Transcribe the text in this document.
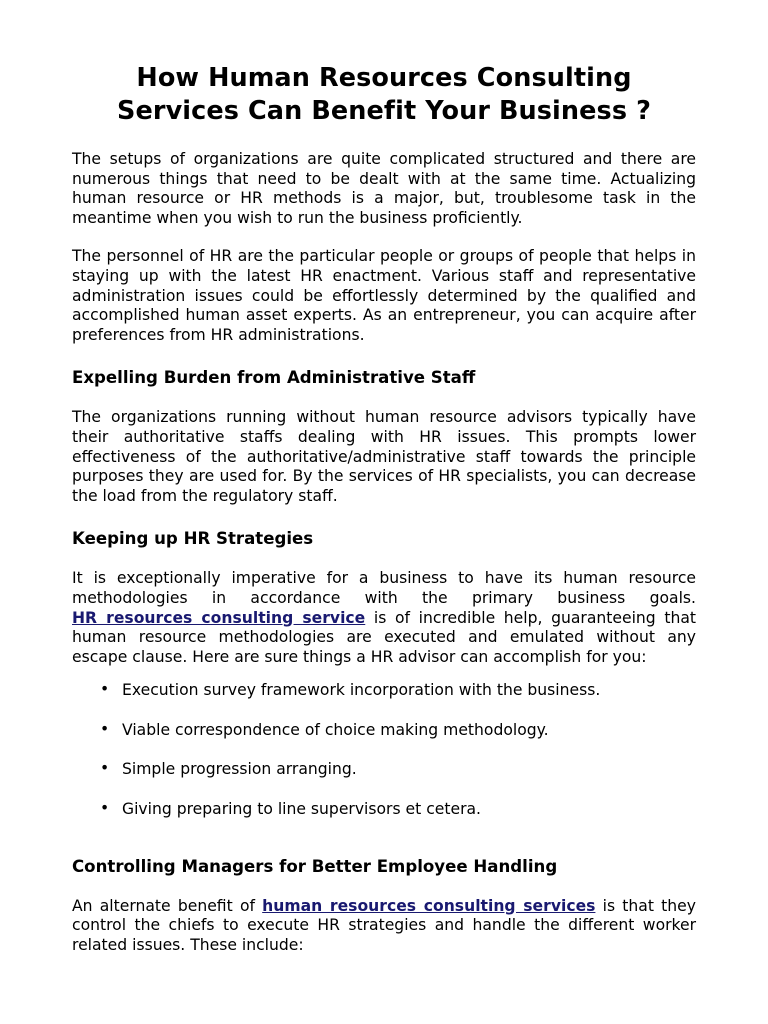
How Human Resources Consulting Services Can Benefit Your Business ?

The setups of organizations are quite complicated structured and there are numerous things that need to be dealt with at the same time. Actualizing human resource or HR methods is a major, but, troublesome task in the meantime when you wish to run the business proficiently.

The personnel of HR are the particular people or groups of people that helps in staying up with the latest HR enactment. Various staff and representative administration issues could be effortlessly determined by the qualified and accomplished human asset experts. As an entrepreneur, you can acquire after preferences from HR administrations.

Expelling Burden from Administrative Staff

The organizations running without human resource advisors typically have their authoritative staffs dealing with HR issues. This prompts lower effectiveness of the authoritative/administrative staff towards the principle purposes they are used for. By the services of HR specialists, you can decrease the load from the regulatory staff.

Keeping up HR Strategies

It is exceptionally imperative for a business to have its human resource methodologies in accordance with the primary business goals. HR resources consulting service is of incredible help, guaranteeing that human resource methodologies are executed and emulated without any escape clause. Here are sure things a HR advisor can accomplish for you:

• Execution survey framework incorporation with the business.
• Viable correspondence of choice making methodology.
• Simple progression arranging.
• Giving preparing to line supervisors et cetera.
Controlling Managers for Better Employee Handling

An alternate benefit of human resources consulting services is that they control the chiefs to execute HR strategies and handle the different worker related issues. These include:
